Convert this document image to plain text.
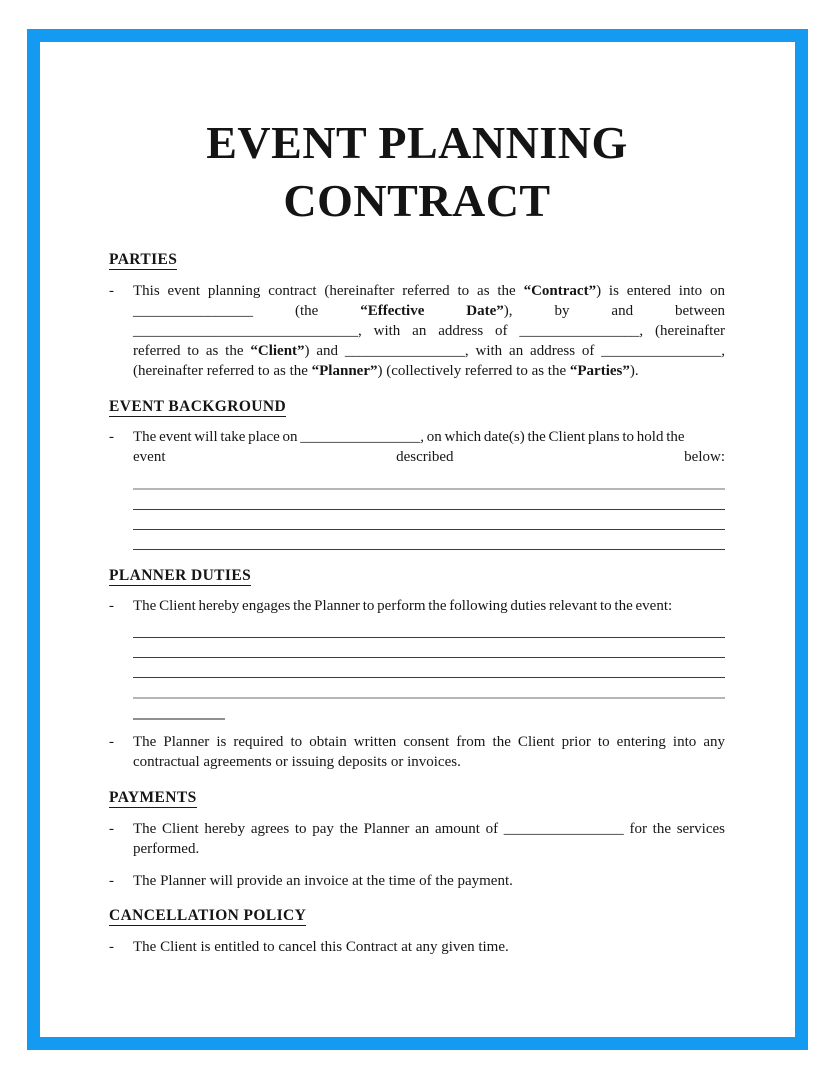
EVENT PLANNING
CONTRACT
PARTIES
-	This event planning contract (hereinafter referred to as the “Contract”) is entered into on ________________ (the “Effective Date”), by and between ______________________________, with an address of ________________, (hereinafter referred to as the “Client”) and ________________, with an address of ________________, (hereinafter referred to as the “Planner”) (collectively referred to as the “Parties”).

EVENT BACKGROUND
-	The event will take place on ________________, on which date(s) the Client plans to hold the

event	described	below:
PLANNER DUTIES
-	The Client hereby engages the Planner to perform the following duties relevant to the event:

-	The Planner is required to obtain written consent from the Client prior to entering into any contractual agreements or issuing deposits or invoices.

PAYMENTS
-	The Client hereby agrees to pay the Planner an amount of ________________ for the services performed.

-	The Planner will provide an invoice at the time of the payment.

CANCELLATION POLICY
-	The Client is entitled to cancel this Contract at any given time.
